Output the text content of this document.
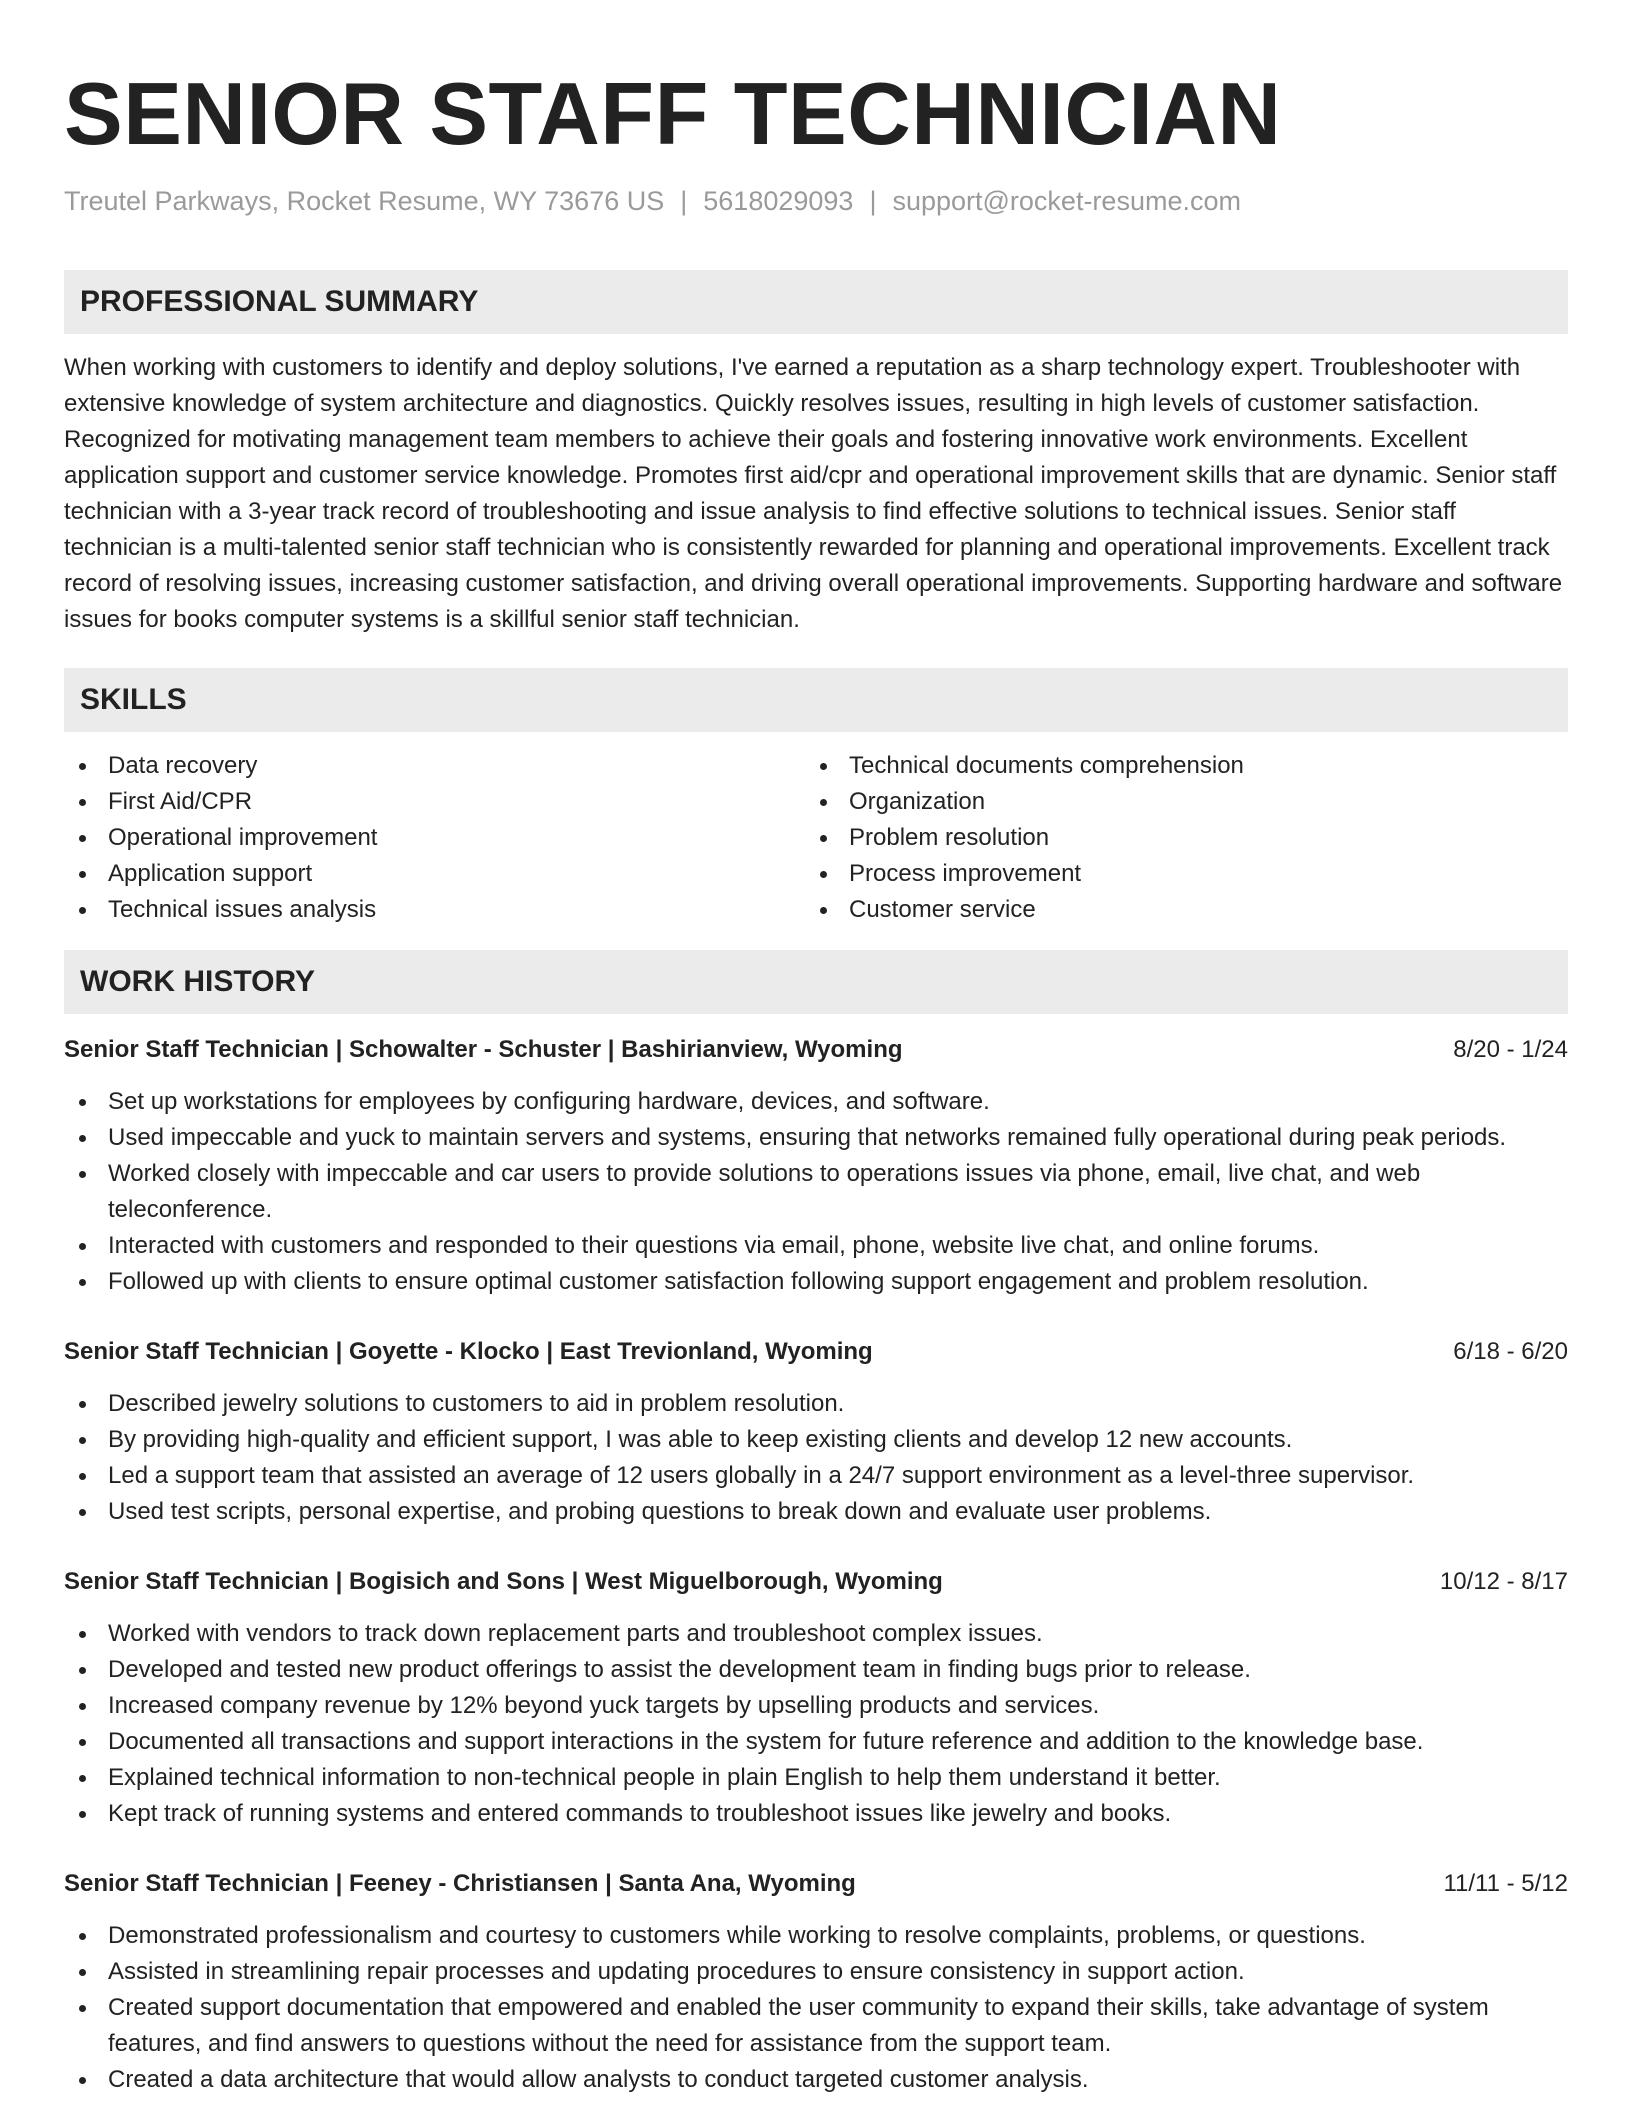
SENIOR STAFF TECHNICIAN
Treutel Parkways, Rocket Resume, WY 73676 US | 5618029093 | support@rocket-resume.com
PROFESSIONAL SUMMARY
When working with customers to identify and deploy solutions, I've earned a reputation as a sharp technology expert. Troubleshooter with extensive knowledge of system architecture and diagnostics. Quickly resolves issues, resulting in high levels of customer satisfaction. Recognized for motivating management team members to achieve their goals and fostering innovative work environments. Excellent application support and customer service knowledge. Promotes first aid/cpr and operational improvement skills that are dynamic. Senior staff technician with a 3-year track record of troubleshooting and issue analysis to find effective solutions to technical issues. Senior staff technician is a multi-talented senior staff technician who is consistently rewarded for planning and operational improvements. Excellent track record of resolving issues, increasing customer satisfaction, and driving overall operational improvements. Supporting hardware and software issues for books computer systems is a skillful senior staff technician.
SKILLS
Data recovery
First Aid/CPR
Operational improvement
Application support
Technical issues analysis
Technical documents comprehension
Organization
Problem resolution
Process improvement
Customer service
WORK HISTORY
Senior Staff Technician | Schowalter - Schuster | Bashirianview, Wyoming	8/20 - 1/24
Set up workstations for employees by configuring hardware, devices, and software.
Used impeccable and yuck to maintain servers and systems, ensuring that networks remained fully operational during peak periods.
Worked closely with impeccable and car users to provide solutions to operations issues via phone, email, live chat, and web teleconference.
Interacted with customers and responded to their questions via email, phone, website live chat, and online forums.
Followed up with clients to ensure optimal customer satisfaction following support engagement and problem resolution.
Senior Staff Technician | Goyette - Klocko | East Trevionland, Wyoming	6/18 - 6/20
Described jewelry solutions to customers to aid in problem resolution.
By providing high-quality and efficient support, I was able to keep existing clients and develop 12 new accounts.
Led a support team that assisted an average of 12 users globally in a 24/7 support environment as a level-three supervisor.
Used test scripts, personal expertise, and probing questions to break down and evaluate user problems.
Senior Staff Technician | Bogisich and Sons | West Miguelborough, Wyoming	10/12 - 8/17
Worked with vendors to track down replacement parts and troubleshoot complex issues.
Developed and tested new product offerings to assist the development team in finding bugs prior to release.
Increased company revenue by 12% beyond yuck targets by upselling products and services.
Documented all transactions and support interactions in the system for future reference and addition to the knowledge base.
Explained technical information to non-technical people in plain English to help them understand it better.
Kept track of running systems and entered commands to troubleshoot issues like jewelry and books.
Senior Staff Technician | Feeney - Christiansen | Santa Ana, Wyoming	11/11 - 5/12
Demonstrated professionalism and courtesy to customers while working to resolve complaints, problems, or questions.
Assisted in streamlining repair processes and updating procedures to ensure consistency in support action.
Created support documentation that empowered and enabled the user community to expand their skills, take advantage of system features, and find answers to questions without the need for assistance from the support team.
Created a data architecture that would allow analysts to conduct targeted customer analysis.
